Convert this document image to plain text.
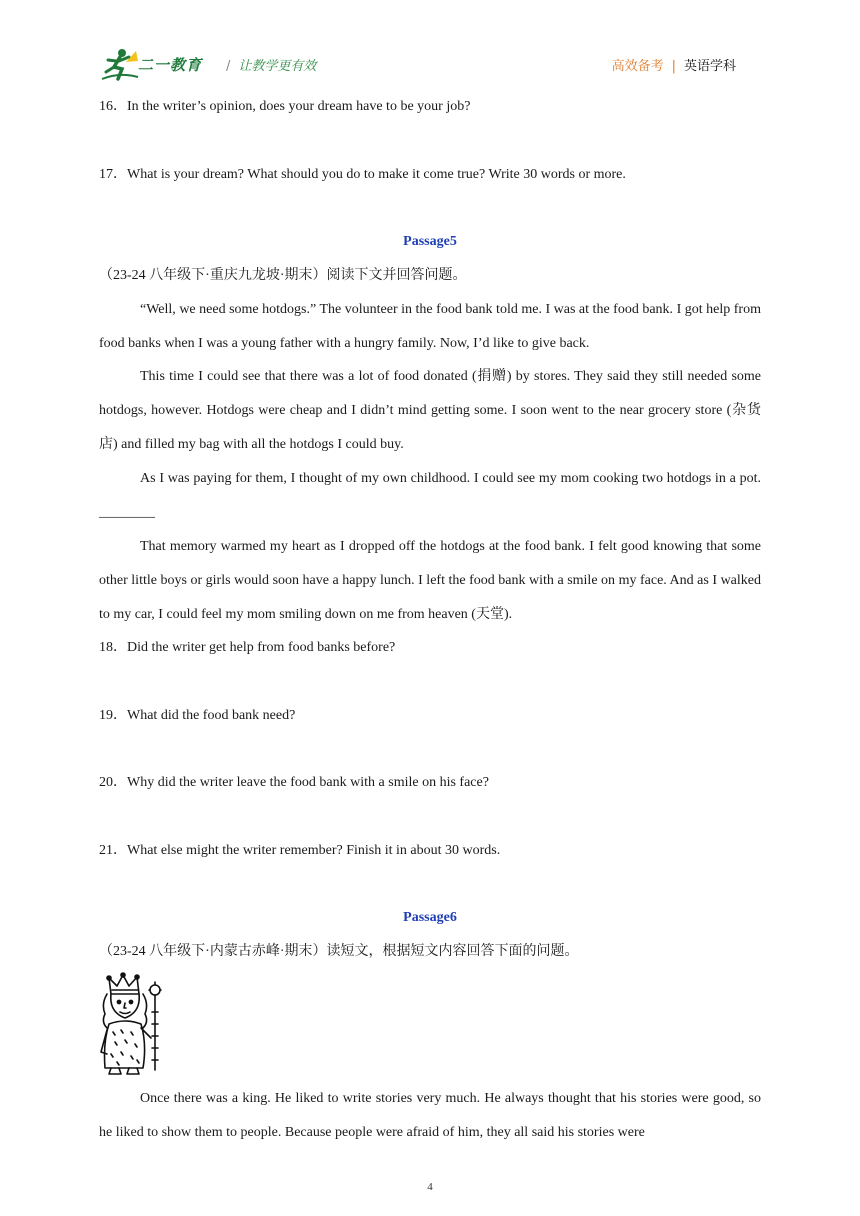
二一教育 / 让教学更有效	高效备考 | 英语学科
16．In the writer’s opinion, does your dream have to be your job?
17．What is your dream? What should you do to make it come true? Write 30 words or more.
Passage5
（23-24 八年级下·重庆九龙坡·期末）阅读下文并回答问题。
“Well, we need some hotdogs.” The volunteer in the food bank told me. I was at the food bank. I got help from food banks when I was a young father with a hungry family. Now, I’d like to give back.
This time I could see that there was a lot of food donated (捐赠) by stores. They said they still needed some hotdogs, however. Hotdogs were cheap and I didn’t mind getting some. I soon went to the near grocery store (杂货店) and filled my bag with all the hotdogs I could buy.
As I was paying for them, I thought of my own childhood. I could see my mom cooking two hotdogs in a pot. ________
That memory warmed my heart as I dropped off the hotdogs at the food bank. I felt good knowing that some other little boys or girls would soon have a happy lunch. I left the food bank with a smile on my face. And as I walked to my car, I could feel my mom smiling down on me from heaven (天堂).
18．Did the writer get help from food banks before?
19．What did the food bank need?
20．Why did the writer leave the food bank with a smile on his face?
21．What else might the writer remember? Finish it in about 30 words.
Passage6
（23-24 八年级下·内蒙古赤峰·期末）读短文，根据短文内容回答下面的问题。
Once there was a king. He liked to write stories very much. He always thought that his stories were good, so he liked to show them to people. Because people were afraid of him, they all said his stories were
4
